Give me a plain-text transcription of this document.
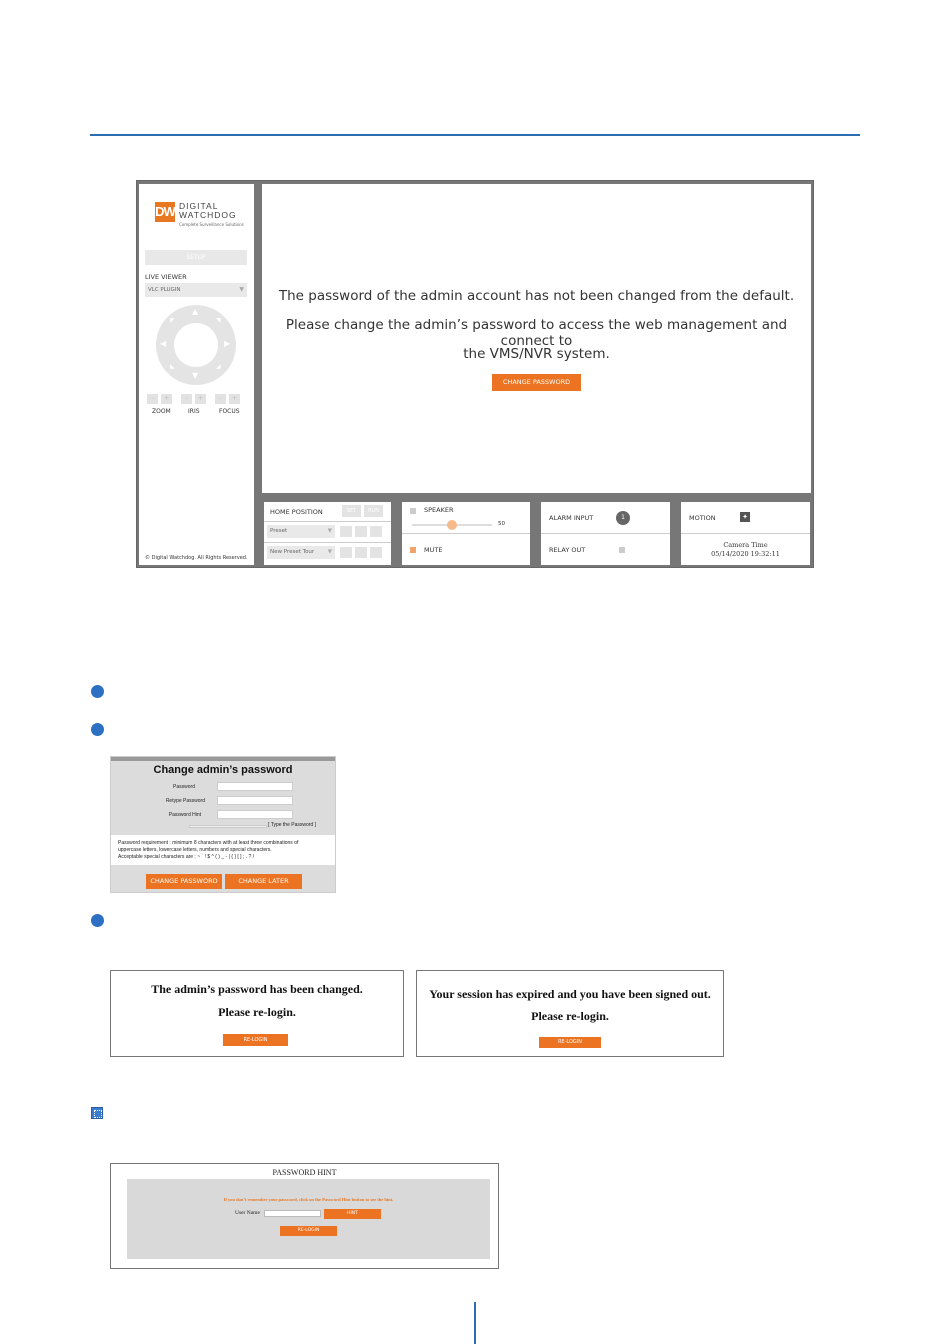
DW DIGITAL
WATCHDOG
Complete Surveillance Solutions
SETUP
LIVE VIEWER
VLC PLUGIN	▼
▲
▼
◀	▶
◤	◥
◣	◢
-	+	-	+	-	+
ZOOM	IRIS	FOCUS
© Digital Watchdog. All Rights Reserved.
The password of the admin account has not been changed from the default.
Please change the admin’s password to access the web management and connect to
the VMS/NVR system.
CHANGE PASSWORD
HOME POSITION	SET	RUN
Preset	▼
New Preset Tour ▼
SPEAKER
50
MUTE
ALARM INPUT	1
RELAY OUT
MOTION	✦
Camera Time
05/14/2020 19:32:11
Change admin’s password
Password
Retype Password
Password Hint
[ Type the Password ]
Password requirement : minimum 8 characters with at least three combinations of
uppercase letters, lowercase letters, numbers and special characters.
Acceptable special characters are ; ~ ` ! $ ^ ( ) _ - | { } [ ] ; . ? /
CHANGE PASSWORD	CHANGE LATER
The admin’s password has been changed.
Please re-login.
RE-LOGIN
Your session has expired and you have been signed out.
Please re-login.
RE-LOGIN
PASSWORD HINT
If you don’t remember your password, click on the Password Hint button to see the hint.
User Name	HINT
RE-LOGIN
